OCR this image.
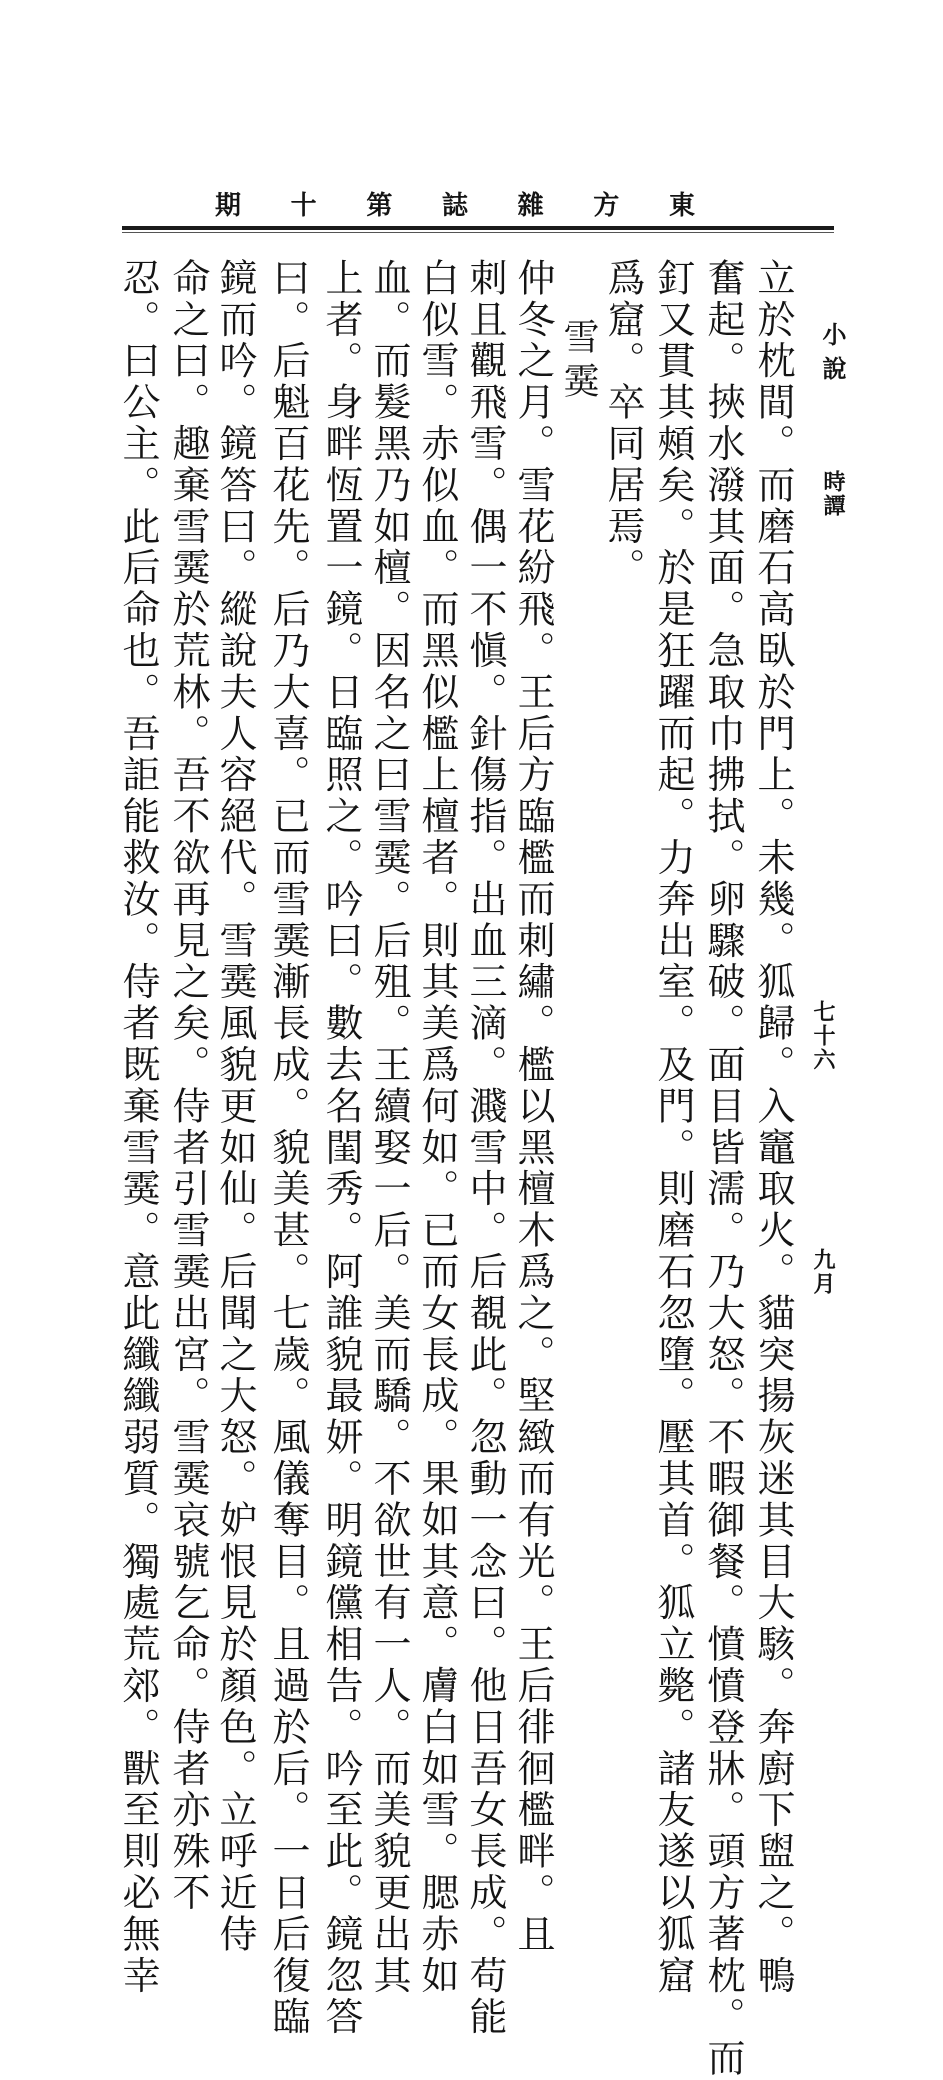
東
方
雜
誌
第
十
期
小說
時譚
七十六
九月
立於枕間。而磨石高臥於門上。未幾。狐歸。入竈取火。貓突揚灰迷其目大駭。奔廚下盥之。鴨
奮起。挾水潑其面。急取巾拂拭。卵驟破。面目皆濡。乃大怒。不暇御餐。憤憤登牀。頭方著枕。而
釘又貫其頰矣。於是狂躍而起。力奔出室。及門。則磨石忽墮。壓其首。狐立斃。諸友遂以狐窟
爲窟。卒同居焉。
雪霙
仲冬之月。雪花紛飛。王后方臨檻而刺繡。檻以黑檀木爲之。堅緻而有光。王后徘徊檻畔。且
刺且觀飛雪。偶一不愼。針傷指。出血三滴。濺雪中。后覩此。忽動一念曰。他日吾女長成。苟能
白似雪。赤似血。而黑似檻上檀者。則其美爲何如。已而女長成。果如其意。膚白如雪。腮赤如
血。而髮黑乃如檀。因名之曰雪霙。后殂。王續娶一后。美而驕。不欲世有一人。而美貌更出其
上者。身畔恆置一鏡。日臨照之。吟曰。數去名閨秀。阿誰貌最妍。明鏡儻相告。吟至此。鏡忽答
曰。后魁百花先。后乃大喜。已而雪霙漸長成。貌美甚。七歲。風儀奪目。且過於后。一日后復臨
鏡而吟。鏡答曰。縱說夫人容絕代。雪霙風貌更如仙。后聞之大怒。妒恨見於顏色。立呼近侍
命之曰。趣棄雪霙於荒林。吾不欲再見之矣。侍者引雪霙出宮。雪霙哀號乞命。侍者亦殊不
忍。曰公主。此后命也。吾詎能救汝。侍者既棄雪霙。意此纖纖弱質。獨處荒郊。獸至則必無幸
